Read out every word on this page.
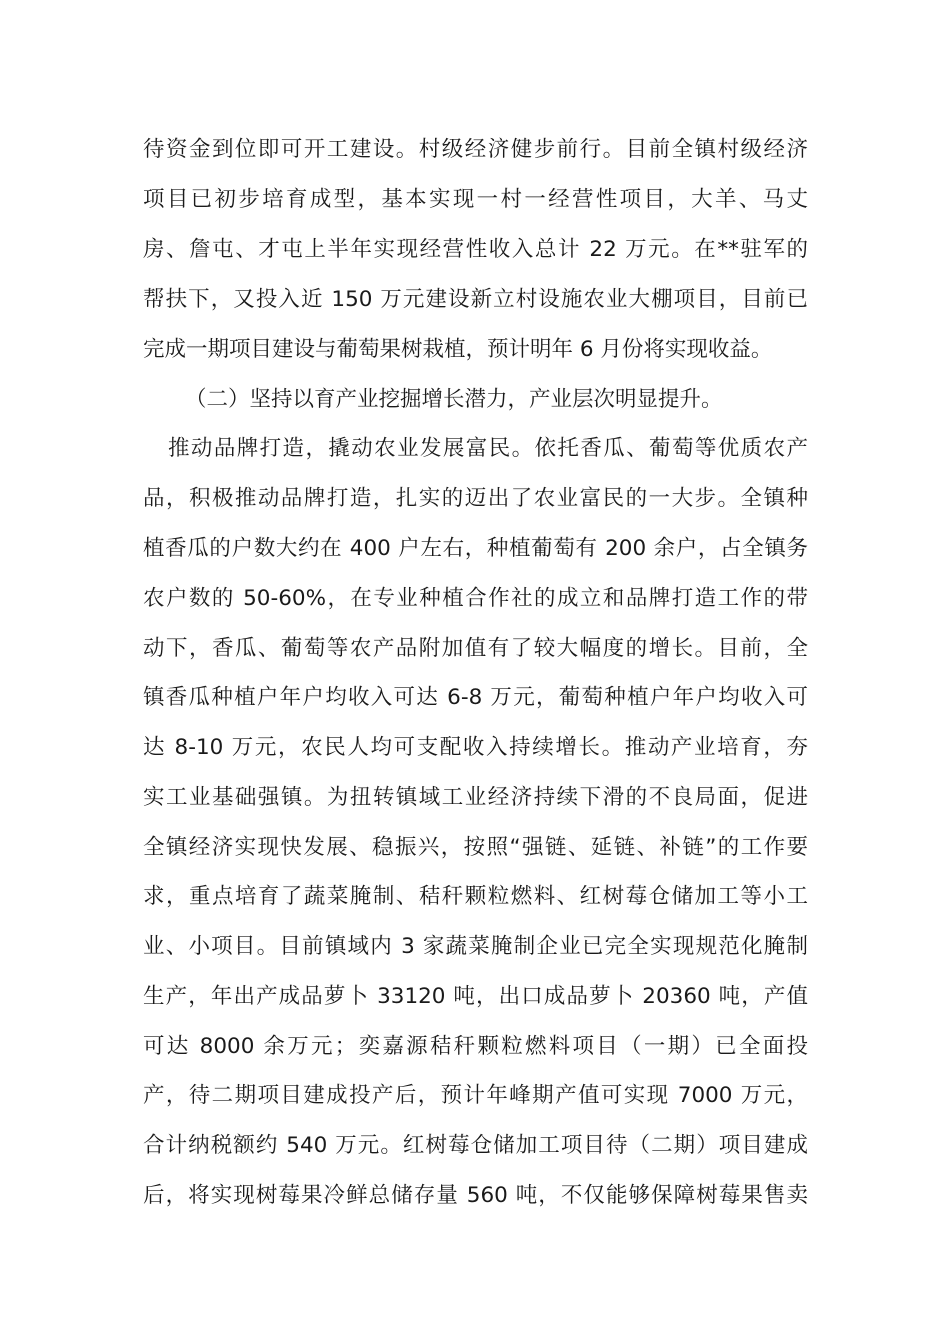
待资金到位即可开工建设。村级经济健步前行。目前全镇村级经济
项目已初步培育成型，基本实现一村一经营性项目，大羊、马丈
房、詹屯、才屯上半年实现经营性收入总计 22 万元。在**驻军的
帮扶下，又投入近 150 万元建设新立村设施农业大棚项目，目前已
完成一期项目建设与葡萄果树栽植，预计明年 6 月份将实现收益。
（二）坚持以育产业挖掘增长潜力，产业层次明显提升。
推动品牌打造，撬动农业发展富民。依托香瓜、葡萄等优质农产
品，积极推动品牌打造，扎实的迈出了农业富民的一大步。全镇种
植香瓜的户数大约在 400 户左右，种植葡萄有 200 余户，占全镇务
农户数的 50-60%，在专业种植合作社的成立和品牌打造工作的带
动下，香瓜、葡萄等农产品附加值有了较大幅度的增长。目前，全
镇香瓜种植户年户均收入可达 6-8 万元，葡萄种植户年户均收入可
达 8-10 万元，农民人均可支配收入持续增长。推动产业培育，夯
实工业基础强镇。为扭转镇域工业经济持续下滑的不良局面，促进
全镇经济实现快发展、稳振兴，按照“强链、延链、补链”的工作要
求，重点培育了蔬菜腌制、秸秆颗粒燃料、红树莓仓储加工等小工
业、小项目。目前镇域内 3 家蔬菜腌制企业已完全实现规范化腌制
生产，年出产成品萝卜 33120 吨，出口成品萝卜 20360 吨，产值
可达 8000 余万元；奕嘉源秸秆颗粒燃料项目（一期）已全面投
产，待二期项目建成投产后，预计年峰期产值可实现 7000 万元，
合计纳税额约 540 万元。红树莓仓储加工项目待（二期）项目建成
后，将实现树莓果冷鲜总储存量 560 吨，不仅能够保障树莓果售卖
